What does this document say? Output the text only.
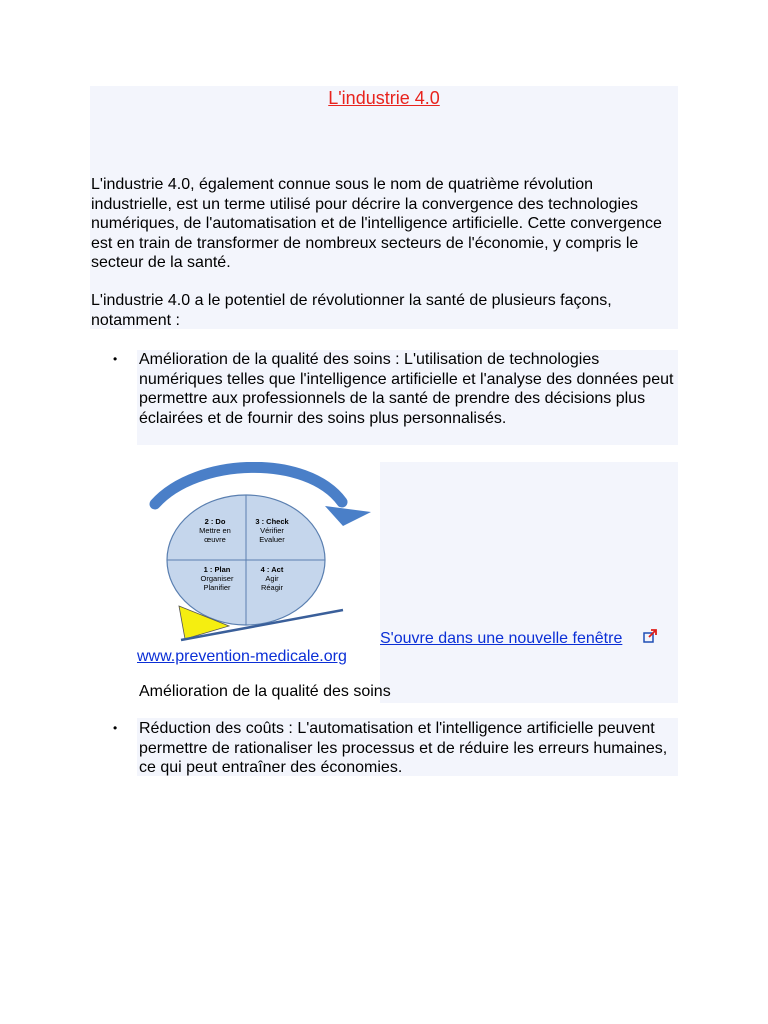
L'industrie 4.0

L'industrie 4.0, également connue sous le nom de quatrième révolution industrielle, est un terme utilisé pour décrire la convergence des technologies numériques, de l'automatisation et de l'intelligence artificielle. Cette convergence est en train de transformer de nombreux secteurs de l'économie, y compris le secteur de la santé.

L'industrie 4.0 a le potentiel de révolutionner la santé de plusieurs façons, notamment :

• Amélioration de la qualité des soins : L'utilisation de technologies numériques telles que l'intelligence artificielle et l'analyse des données peut permettre aux professionnels de la santé de prendre des décisions plus éclairées et de fournir des soins plus personnalisés.

2 : Do
Mettre en
œuvre
3 : Check
Vérifier
Evaluer
1 : Plan
Organiser
Planifier
4 : Act
Agir
Réagir
S'ouvre dans une nouvelle fenêtre
www.prevention-medicale.org
Amélioration de la qualité des soins
• Réduction des coûts : L'automatisation et l'intelligence artificielle peuvent permettre de rationaliser les processus et de réduire les erreurs humaines, ce qui peut entraîner des économies.
